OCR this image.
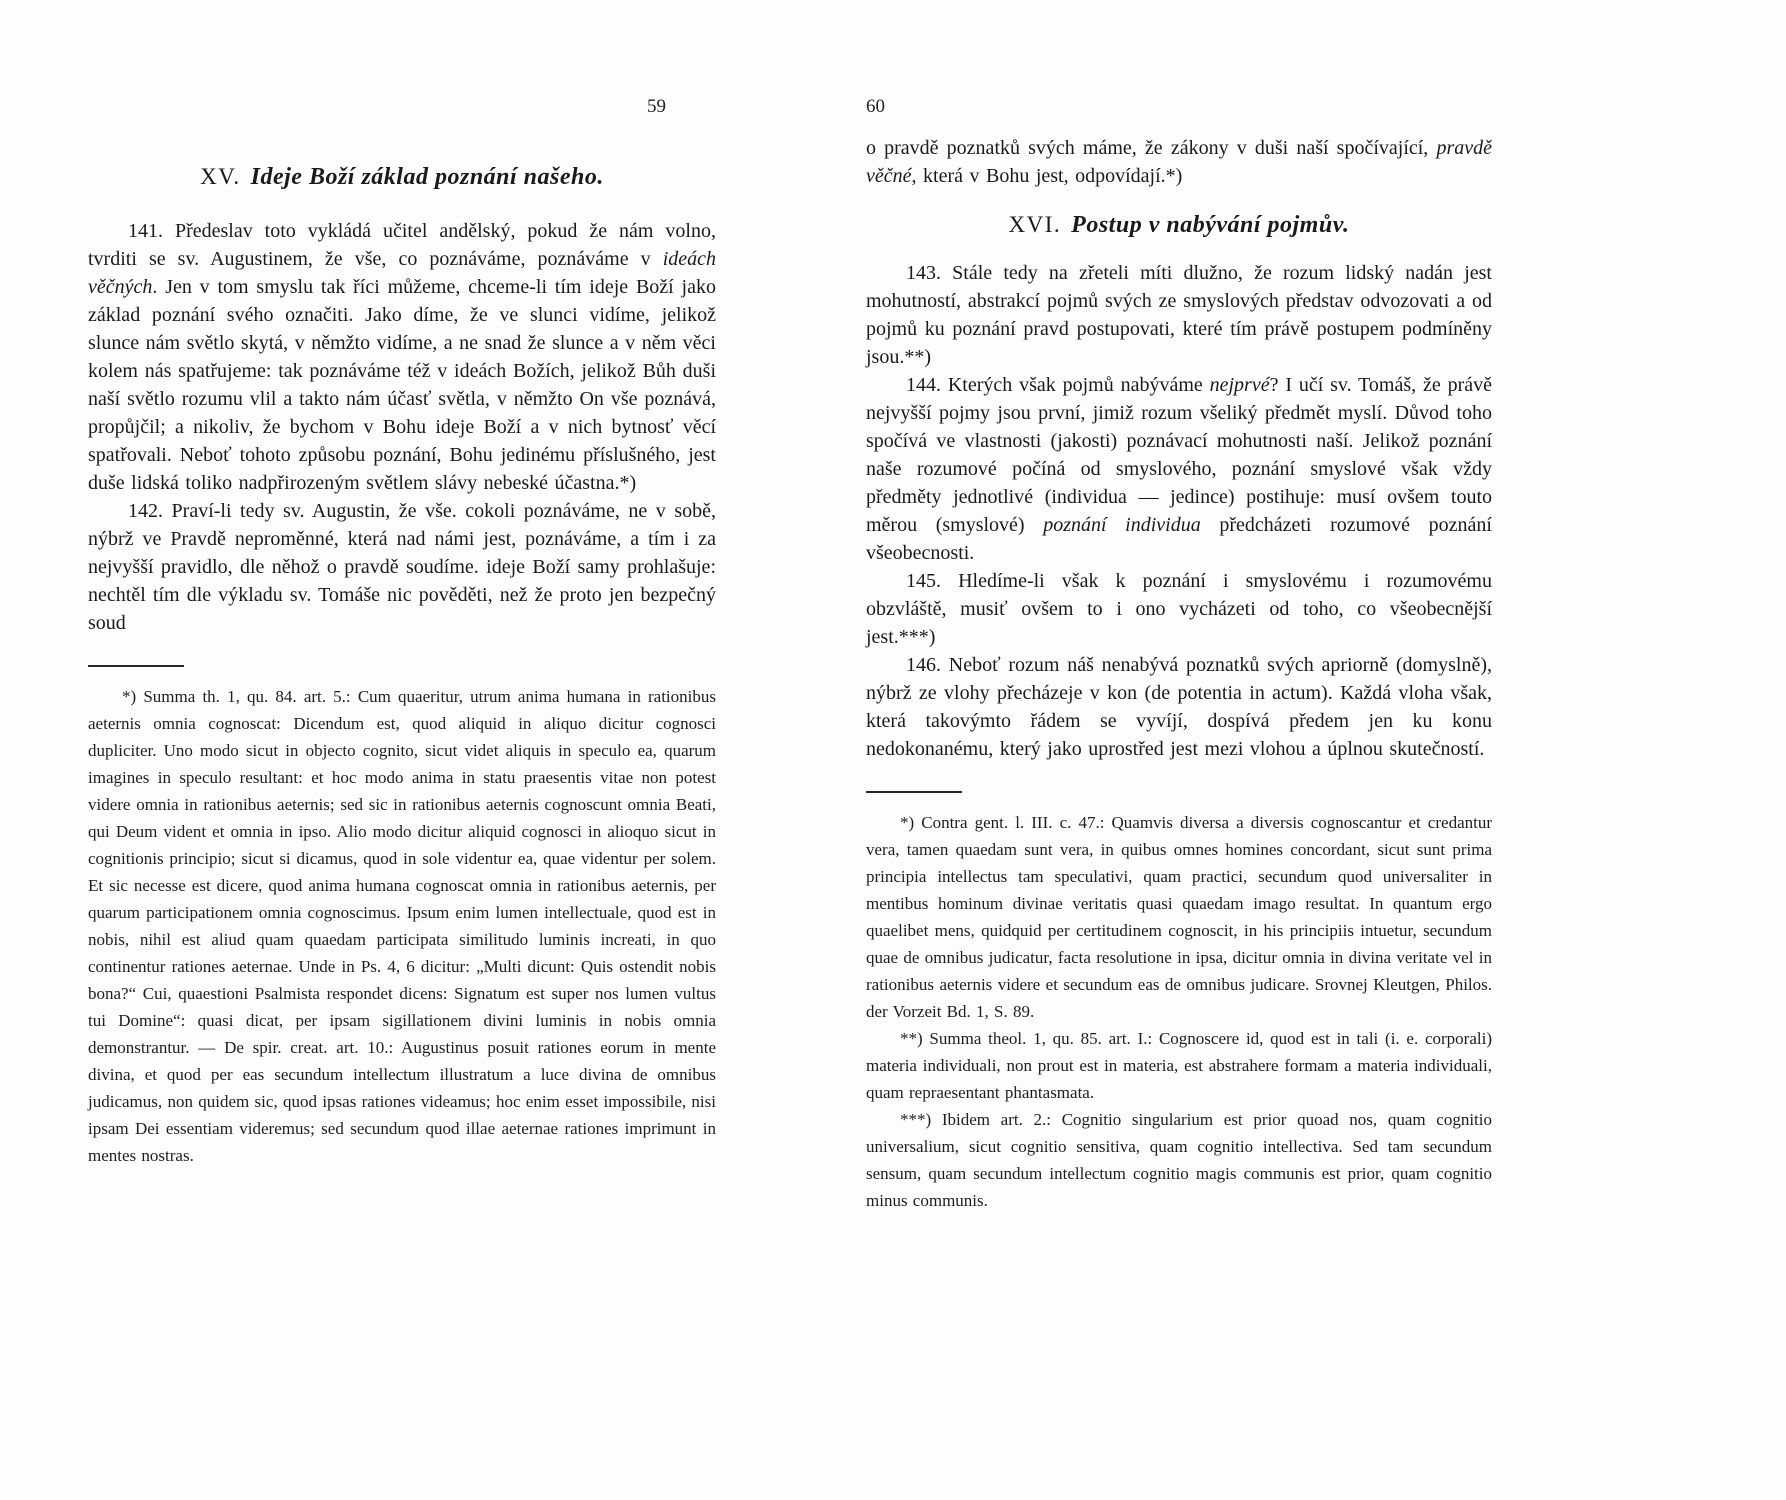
59
XV. Ideje Boží základ poznání našeho.

141. Předeslav toto vykládá učitel andělský, pokud že nám volno, tvrditi se sv. Augustinem, že vše, co poznáváme, poznáváme v ideách věčných. Jen v tom smyslu tak říci můžeme, chceme-li tím ideje Boží jako základ poznání svého označiti. Jako díme, že ve slunci vidíme, jelikož slunce nám světlo skytá, v němžto vidíme, a ne snad že slunce a v něm věci kolem nás spatřujeme: tak poznáváme též v ideách Božích, jelikož Bůh duši naší světlo rozumu vlil a takto nám účasť světla, v němžto On vše poznává, propůjčil; a nikoliv, že bychom v Bohu ideje Boží a v nich bytnosť věcí spatřovali. Neboť tohoto způsobu poznání, Bohu jedinému příslušného, jest duše lidská toliko nadpřirozeným světlem slávy nebeské účastna.*)

142. Praví-li tedy sv. Augustin, že vše. cokoli poznáváme, ne v sobě, nýbrž ve Pravdě neproměnné, která nad námi jest, poznáváme, a tím i za nejvyšší pravidlo, dle něhož o pravdě soudíme. ideje Boží samy prohlašuje: nechtěl tím dle výkladu sv. Tomáše nic pověděti, než že proto jen bezpečný soud

*) Summa th. 1, qu. 84. art. 5.: Cum quaeritur, utrum anima humana in rationibus aeternis omnia cognoscat: Dicendum est, quod aliquid in aliquo dicitur cognosci dupliciter. Uno modo sicut in objecto cognito, sicut videt aliquis in speculo ea, quarum imagines in speculo resultant: et hoc modo anima in statu praesentis vitae non potest videre omnia in rationibus aeternis; sed sic in rationibus aeternis cognoscunt omnia Beati, qui Deum vident et omnia in ipso. Alio modo dicitur aliquid cognosci in alioquo sicut in cognitionis principio; sicut si dicamus, quod in sole videntur ea, quae videntur per solem. Et sic necesse est dicere, quod anima humana cognoscat omnia in rationibus aeternis, per quarum participationem omnia cognoscimus. Ipsum enim lumen intellectuale, quod est in nobis, nihil est aliud quam quaedam participata similitudo luminis increati, in quo continentur rationes aeternae. Unde in Ps. 4, 6 dicitur: „Multi dicunt: Quis ostendit nobis bona?“ Cui, quaestioni Psalmista respondet dicens: Signatum est super nos lumen vultus tui Domine“: quasi dicat, per ipsam sigillationem divini luminis in nobis omnia demonstrantur. — De spir. creat. art. 10.: Augustinus posuit rationes eorum in mente divina, et quod per eas secundum intellectum illustratum a luce divina de omnibus judicamus, non quidem sic, quod ipsas rationes videamus; hoc enim esset impossibile, nisi ipsam Dei essentiam videremus; sed secundum quod illae aeternae rationes imprimunt in mentes nostras.

60

o pravdě poznatků svých máme, že zákony v duši naší spočívající, pravdě věčné, která v Bohu jest, odpovídají.*)

XVI. Postup v nabývání pojmův.

143. Stále tedy na zřeteli míti dlužno, že rozum lidský nadán jest mohutností, abstrakcí pojmů svých ze smyslových představ odvozovati a od pojmů ku poznání pravd postupovati, které tím právě postupem podmíněny jsou.**)

144. Kterých však pojmů nabýváme nejprvé? I učí sv. Tomáš, že právě nejvyšší pojmy jsou první, jimiž rozum všeliký předmět myslí. Důvod toho spočívá ve vlastnosti (jakosti) poznávací mohutnosti naší. Jelikož poznání naše rozumové počíná od smyslového, poznání smyslové však vždy předměty jednotlivé (individua — jedince) postihuje: musí ovšem touto měrou (smyslové) poznání individua předcházeti rozumové poznání všeobecnosti.

145. Hledíme-li však k poznání i smyslovému i rozumovému obzvláště, musiť ovšem to i ono vycházeti od toho, co všeobecnější jest.***)

146. Neboť rozum náš nenabývá poznatků svých apriorně (domyslně), nýbrž ze vlohy přecházeje v kon (de potentia in actum). Každá vloha však, která takovýmto řádem se vyvíjí, dospívá předem jen ku konu nedokonanému, který jako uprostřed jest mezi vlohou a úplnou skutečností.

*) Contra gent. l. III. c. 47.: Quamvis diversa a diversis cognoscantur et credantur vera, tamen quaedam sunt vera, in quibus omnes homines concordant, sicut sunt prima principia intellectus tam speculativi, quam practici, secundum quod universaliter in mentibus hominum divinae veritatis quasi quaedam imago resultat. In quantum ergo quaelibet mens, quidquid per certitudinem cognoscit, in his principiis intuetur, secundum quae de omnibus judicatur, facta resolutione in ipsa, dicitur omnia in divina veritate vel in rationibus aeternis videre et secundum eas de omnibus judicare. Srovnej Kleutgen, Philos. der Vorzeit Bd. 1, S. 89.

**) Summa theol. 1, qu. 85. art. I.: Cognoscere id, quod est in tali (i. e. corporali) materia individuali, non prout est in materia, est abstrahere formam a materia individuali, quam repraesentant phantasmata.

***) Ibidem art. 2.: Cognitio singularium est prior quoad nos, quam cognitio universalium, sicut cognitio sensitiva, quam cognitio intellectiva. Sed tam secundum sensum, quam secundum intellectum cognitio magis communis est prior, quam cognitio minus communis.
